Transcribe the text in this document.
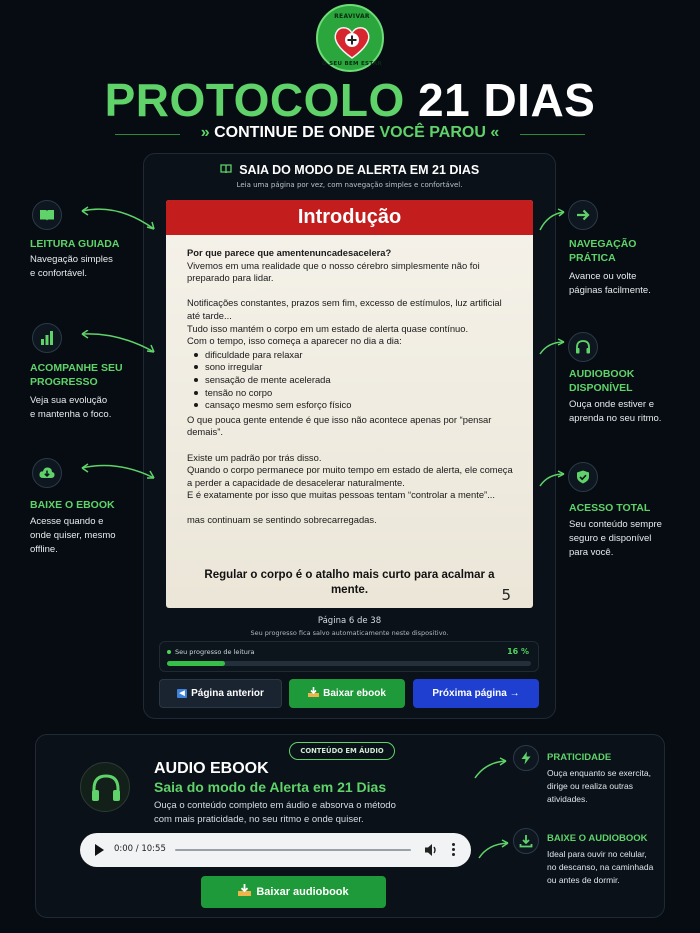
REAVIVAR
O SEU BEM ESTAR
PROTOCOLO 21 DIAS
» CONTINUE DE ONDE VOCÊ PAROU «
SAIA DO MODO DE ALERTA EM 21 DIAS
Leia uma página por vez, com navegação simples e confortável.
Introdução

Por que parece que amentenuncadesacelera?

Vivemos em uma realidade que o nosso cérebro simplesmente não foi preparado para lidar.

Notificações constantes, prazos sem fim, excesso de estímulos, luz artificial até tarde...

Tudo isso mantém o corpo em um estado de alerta quase contínuo.

Com o tempo, isso começa a aparecer no dia a dia:

dificuldade para relaxar
sono irregular
sensação de mente acelerada
tensão no corpo
cansaço mesmo sem esforço físico

O que pouca gente entende é que isso não acontece apenas por “pensar demais”.

Existe um padrão por trás disso.

Quando o corpo permanece por muito tempo em estado de alerta, ele começa a perder a capacidade de desacelerar naturalmente.

E é exatamente por isso que muitas pessoas tentam “controlar a mente”...

mas continuam se sentindo sobrecarregadas.

Regular o corpo é o atalho mais curto para acalmar a mente.	5
Página 6 de 38
Seu progresso fica salvo automaticamente neste dispositivo.
Seu progresso de leitura	16 %
◀ Página anterior	Baixar ebook	Próxima página →
LEITURA GUIADA
Navegação simples
e confortável.
ACOMPANHE SEU
PROGRESSO
Veja sua evolução
e mantenha o foco.
BAIXE O EBOOK
Acesse quando e
onde quiser, mesmo
offline.
NAVEGAÇÃO
PRÁTICA
Avance ou volte
páginas facilmente.
AUDIOBOOK
DISPONÍVEL
Ouça onde estiver e
aprenda no seu ritmo.
ACESSO TOTAL
Seu conteúdo sempre
seguro e disponível
para você.
CONTEÚDO EM ÁUDIO
AUDIO EBOOK
Saia do modo de Alerta em 21 Dias
Ouça o conteúdo completo em áudio e absorva o método
com mais praticidade, no seu ritmo e onde quiser.
0:00 / 10:55
Baixar audiobook
PRATICIDADE
Ouça enquanto se exercita,
dirige ou realiza outras
atividades.
BAIXE O AUDIOBOOK
Ideal para ouvir no celular,
no descanso, na caminhada
ou antes de dormir.
